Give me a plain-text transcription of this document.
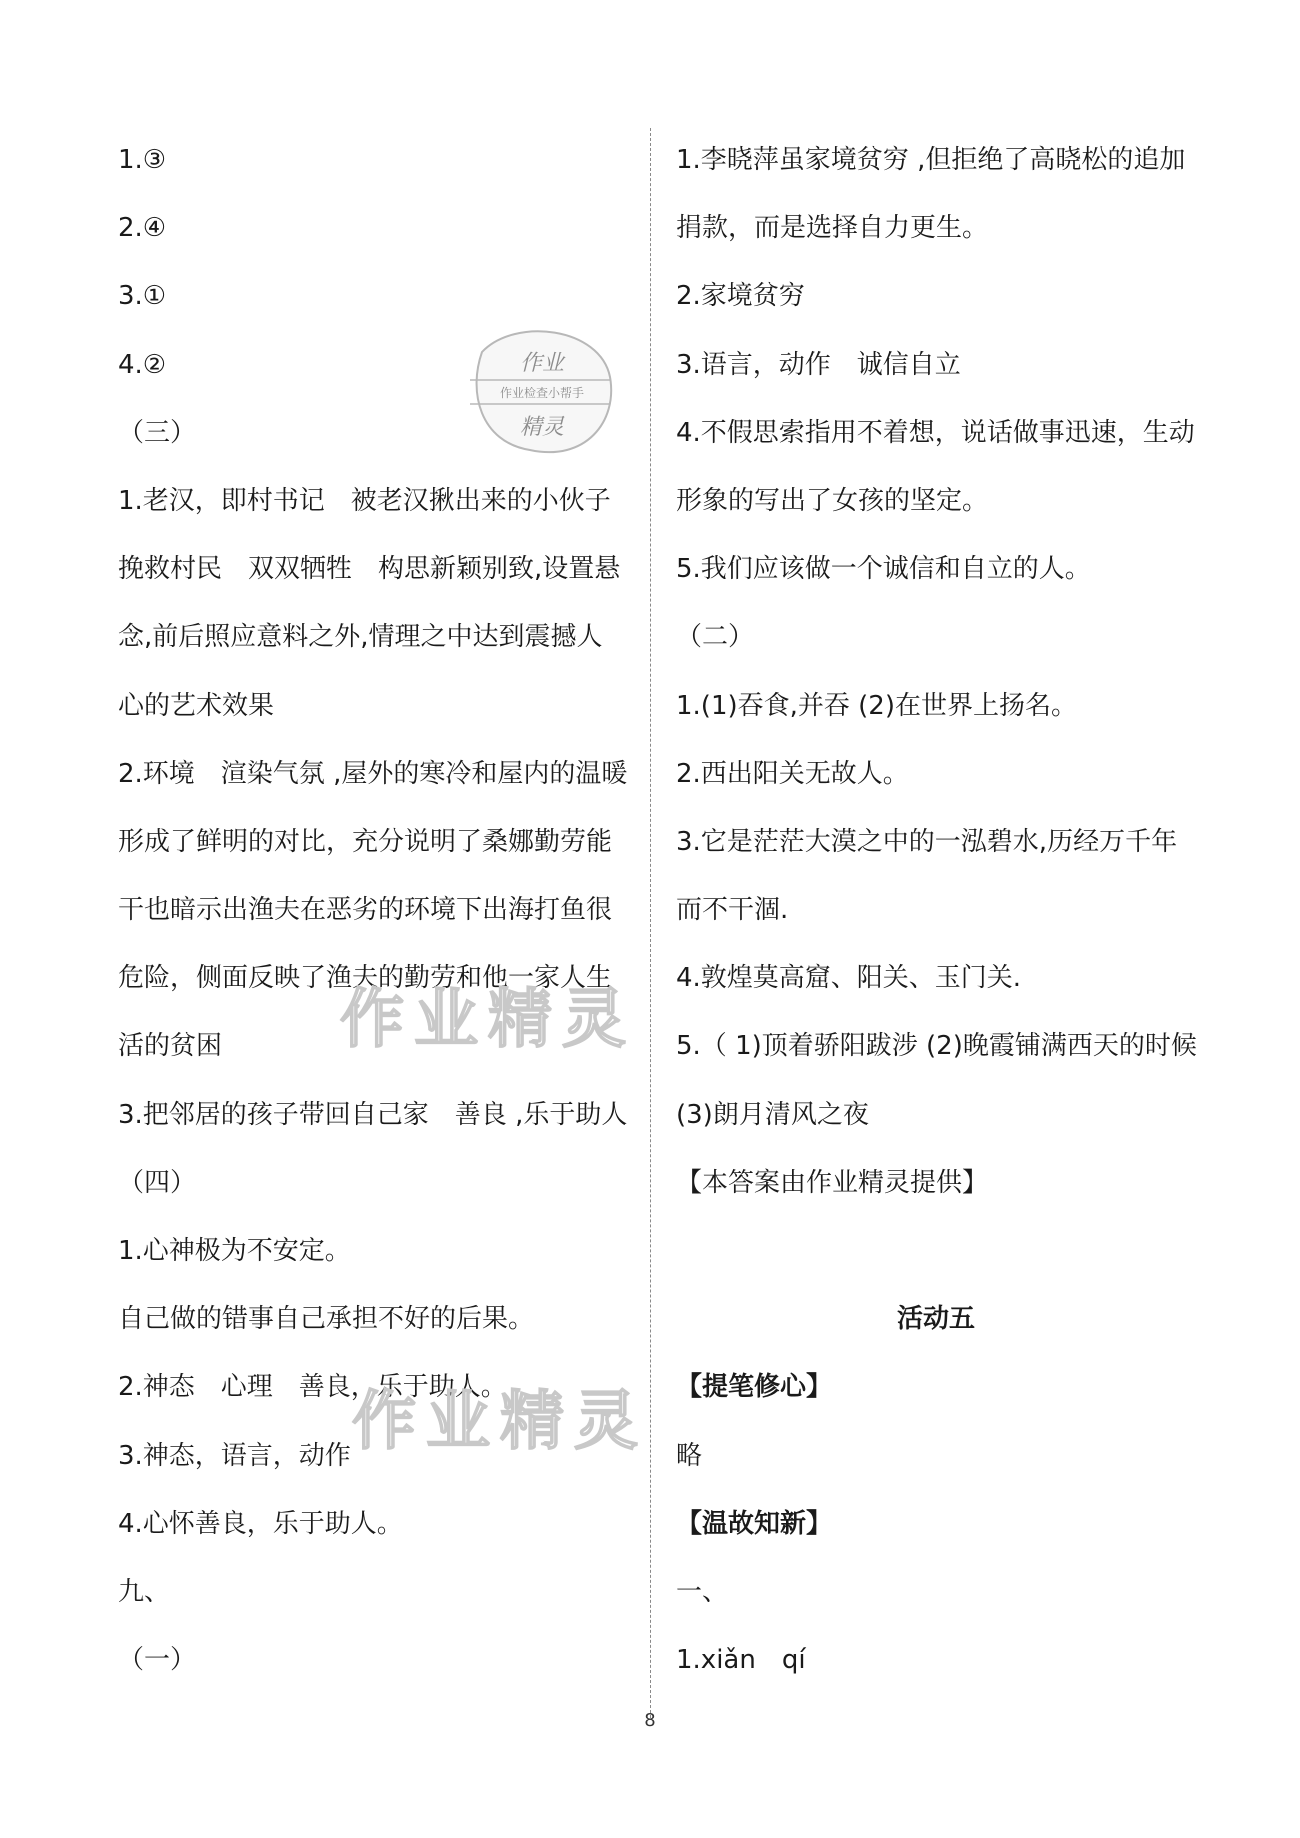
1.③
2.④
3.①
4.②
（三）
1.老汉，即村书记　被老汉揪出来的小伙子
挽救村民　双双牺牲　构思新颖别致,设置悬
念,前后照应意料之外,情理之中达到震撼人
心的艺术效果
2.环境　渲染气氛 ,屋外的寒冷和屋内的温暖
形成了鲜明的对比，充分说明了桑娜勤劳能
干也暗示出渔夫在恶劣的环境下出海打鱼很
危险，侧面反映了渔夫的勤劳和他一家人生
活的贫困
3.把邻居的孩子带回自己家　善良 ,乐于助人
（四）
1.心神极为不安定。
自己做的错事自己承担不好的后果。
2.神态　心理　善良，乐于助人。
3.神态，语言，动作
4.心怀善良，乐于助人。
九、
（一）
1.李晓萍虽家境贫穷 ,但拒绝了高晓松的追加
捐款，而是选择自力更生。
2.家境贫穷
3.语言，动作　诚信自立
4.不假思索指用不着想，说话做事迅速，生动
形象的写出了女孩的坚定。
5.我们应该做一个诚信和自立的人。
（二）
1.(1)吞食,并吞 (2)在世界上扬名。
2.西出阳关无故人。
3.它是茫茫大漠之中的一泓碧水,历经万千年
而不干涸.
4.敦煌莫高窟、阳关、玉门关.
5.（ 1)顶着骄阳跋涉 (2)晚霞铺满西天的时候
(3)朗月清风之夜
【本答案由作业精灵提供】
活动五
【提笔修心】
略
【温故知新】
一、
1.xiǎn　qí
作业
作业检查小帮手
精灵
作业精灵
作业精灵
8
